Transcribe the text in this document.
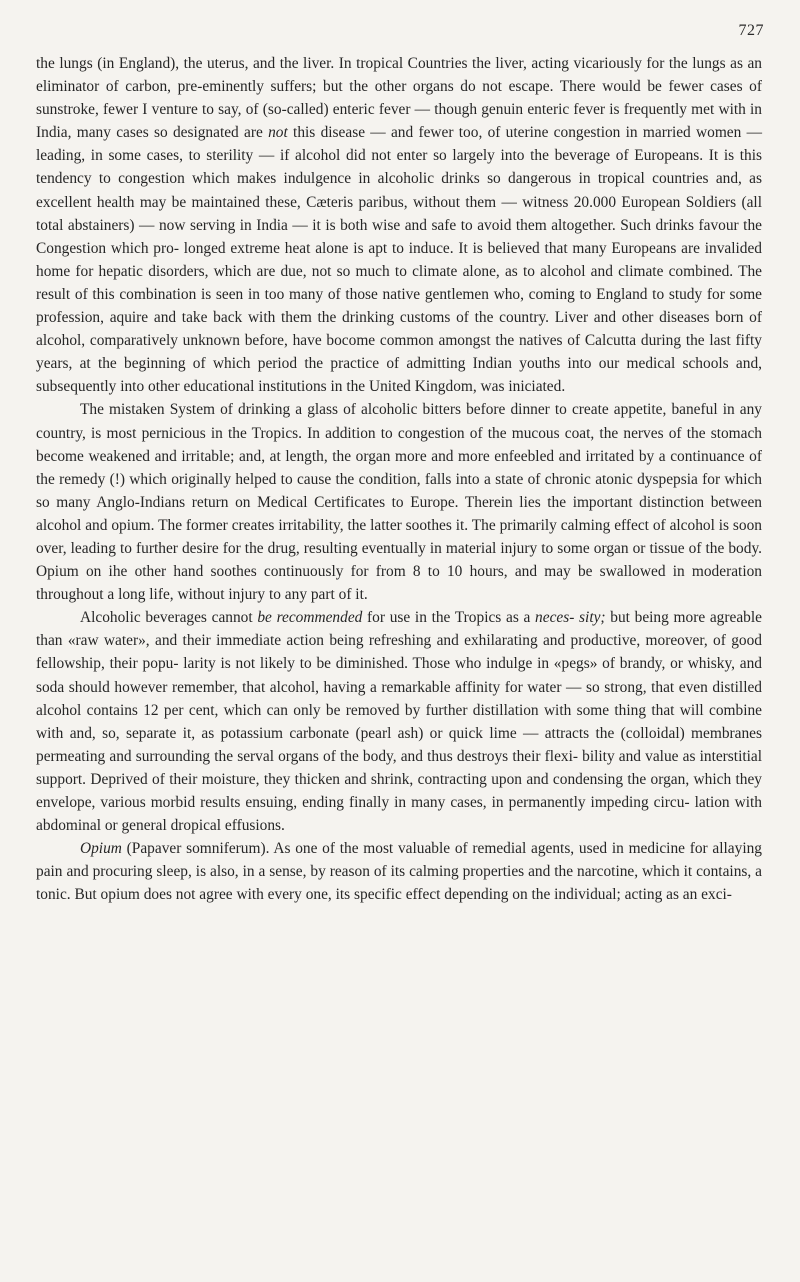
727

the lungs (in England), the uterus, and the liver. In tropical Countries the liver, acting vicariously for the lungs as an eliminator of carbon, pre-eminently suffers; but the other organs do not escape. There would be fewer cases of sunstroke, fewer I venture to say, of (so-called) enteric fever — though genuin enteric fever is frequently met with in India, many cases so designated are not this disease — and fewer too, of uterine congestion in married women — leading, in some cases, to sterility — if alcohol did not enter so largely into the beverage of Europeans. It is this tendency to congestion which makes indulgence in alcoholic drinks so dangerous in tropical countries and, as excellent health may be maintained these, Cæteris paribus, without them — witness 20.000 European Soldiers (all total abstainers) — now serving in India — it is both wise and safe to avoid them altogether. Such drinks favour the Congestion which pro- longed extreme heat alone is apt to induce. It is believed that many Europeans are invalided home for hepatic disorders, which are due, not so much to climate alone, as to alcohol and climate combined. The result of this combination is seen in too many of those native gentlemen who, coming to England to study for some profession, aquire and take back with them the drinking customs of the country. Liver and other diseases born of alcohol, comparatively unknown before, have bocome common amongst the natives of Calcutta during the last fifty years, at the beginning of which period the practice of admitting Indian youths into our medical schools and, subsequently into other educational institutions in the United Kingdom, was iniciated.

The mistaken System of drinking a glass of alcoholic bitters before dinner to create appetite, baneful in any country, is most pernicious in the Tropics. In addition to congestion of the mucous coat, the nerves of the stomach become weakened and irritable; and, at length, the organ more and more enfeebled and irritated by a continuance of the remedy (!) which originally helped to cause the condition, falls into a state of chronic atonic dyspepsia for which so many Anglo-Indians return on Medical Certificates to Europe. Therein lies the important distinction between alcohol and opium. The former creates irritability, the latter soothes it. The primarily calming effect of alcohol is soon over, leading to further desire for the drug, resulting eventually in material injury to some organ or tissue of the body. Opium on ihe other hand soothes continuously for from 8 to 10 hours, and may be swallowed in moderation throughout a long life, without injury to any part of it.

Alcoholic beverages cannot be recommended for use in the Tropics as a neces- sity; but being more agreable than «raw water», and their immediate action being refreshing and exhilarating and productive, moreover, of good fellowship, their popu- larity is not likely to be diminished. Those who indulge in «pegs» of brandy, or whisky, and soda should however remember, that alcohol, having a remarkable affinity for water — so strong, that even distilled alcohol contains 12 per cent, which can only be removed by further distillation with some thing that will combine with and, so, separate it, as potassium carbonate (pearl ash) or quick lime — attracts the (colloidal) membranes permeating and surrounding the serval organs of the body, and thus destroys their flexi- bility and value as interstitial support. Deprived of their moisture, they thicken and shrink, contracting upon and condensing the organ, which they envelope, various morbid results ensuing, ending finally in many cases, in permanently impeding circu- lation with abdominal or general dropical effusions.

Opium (Papaver somniferum). As one of the most valuable of remedial agents, used in medicine for allaying pain and procuring sleep, is also, in a sense, by reason of its calming properties and the narcotine, which it contains, a tonic. But opium does not agree with every one, its specific effect depending on the individual; acting as an exci-
